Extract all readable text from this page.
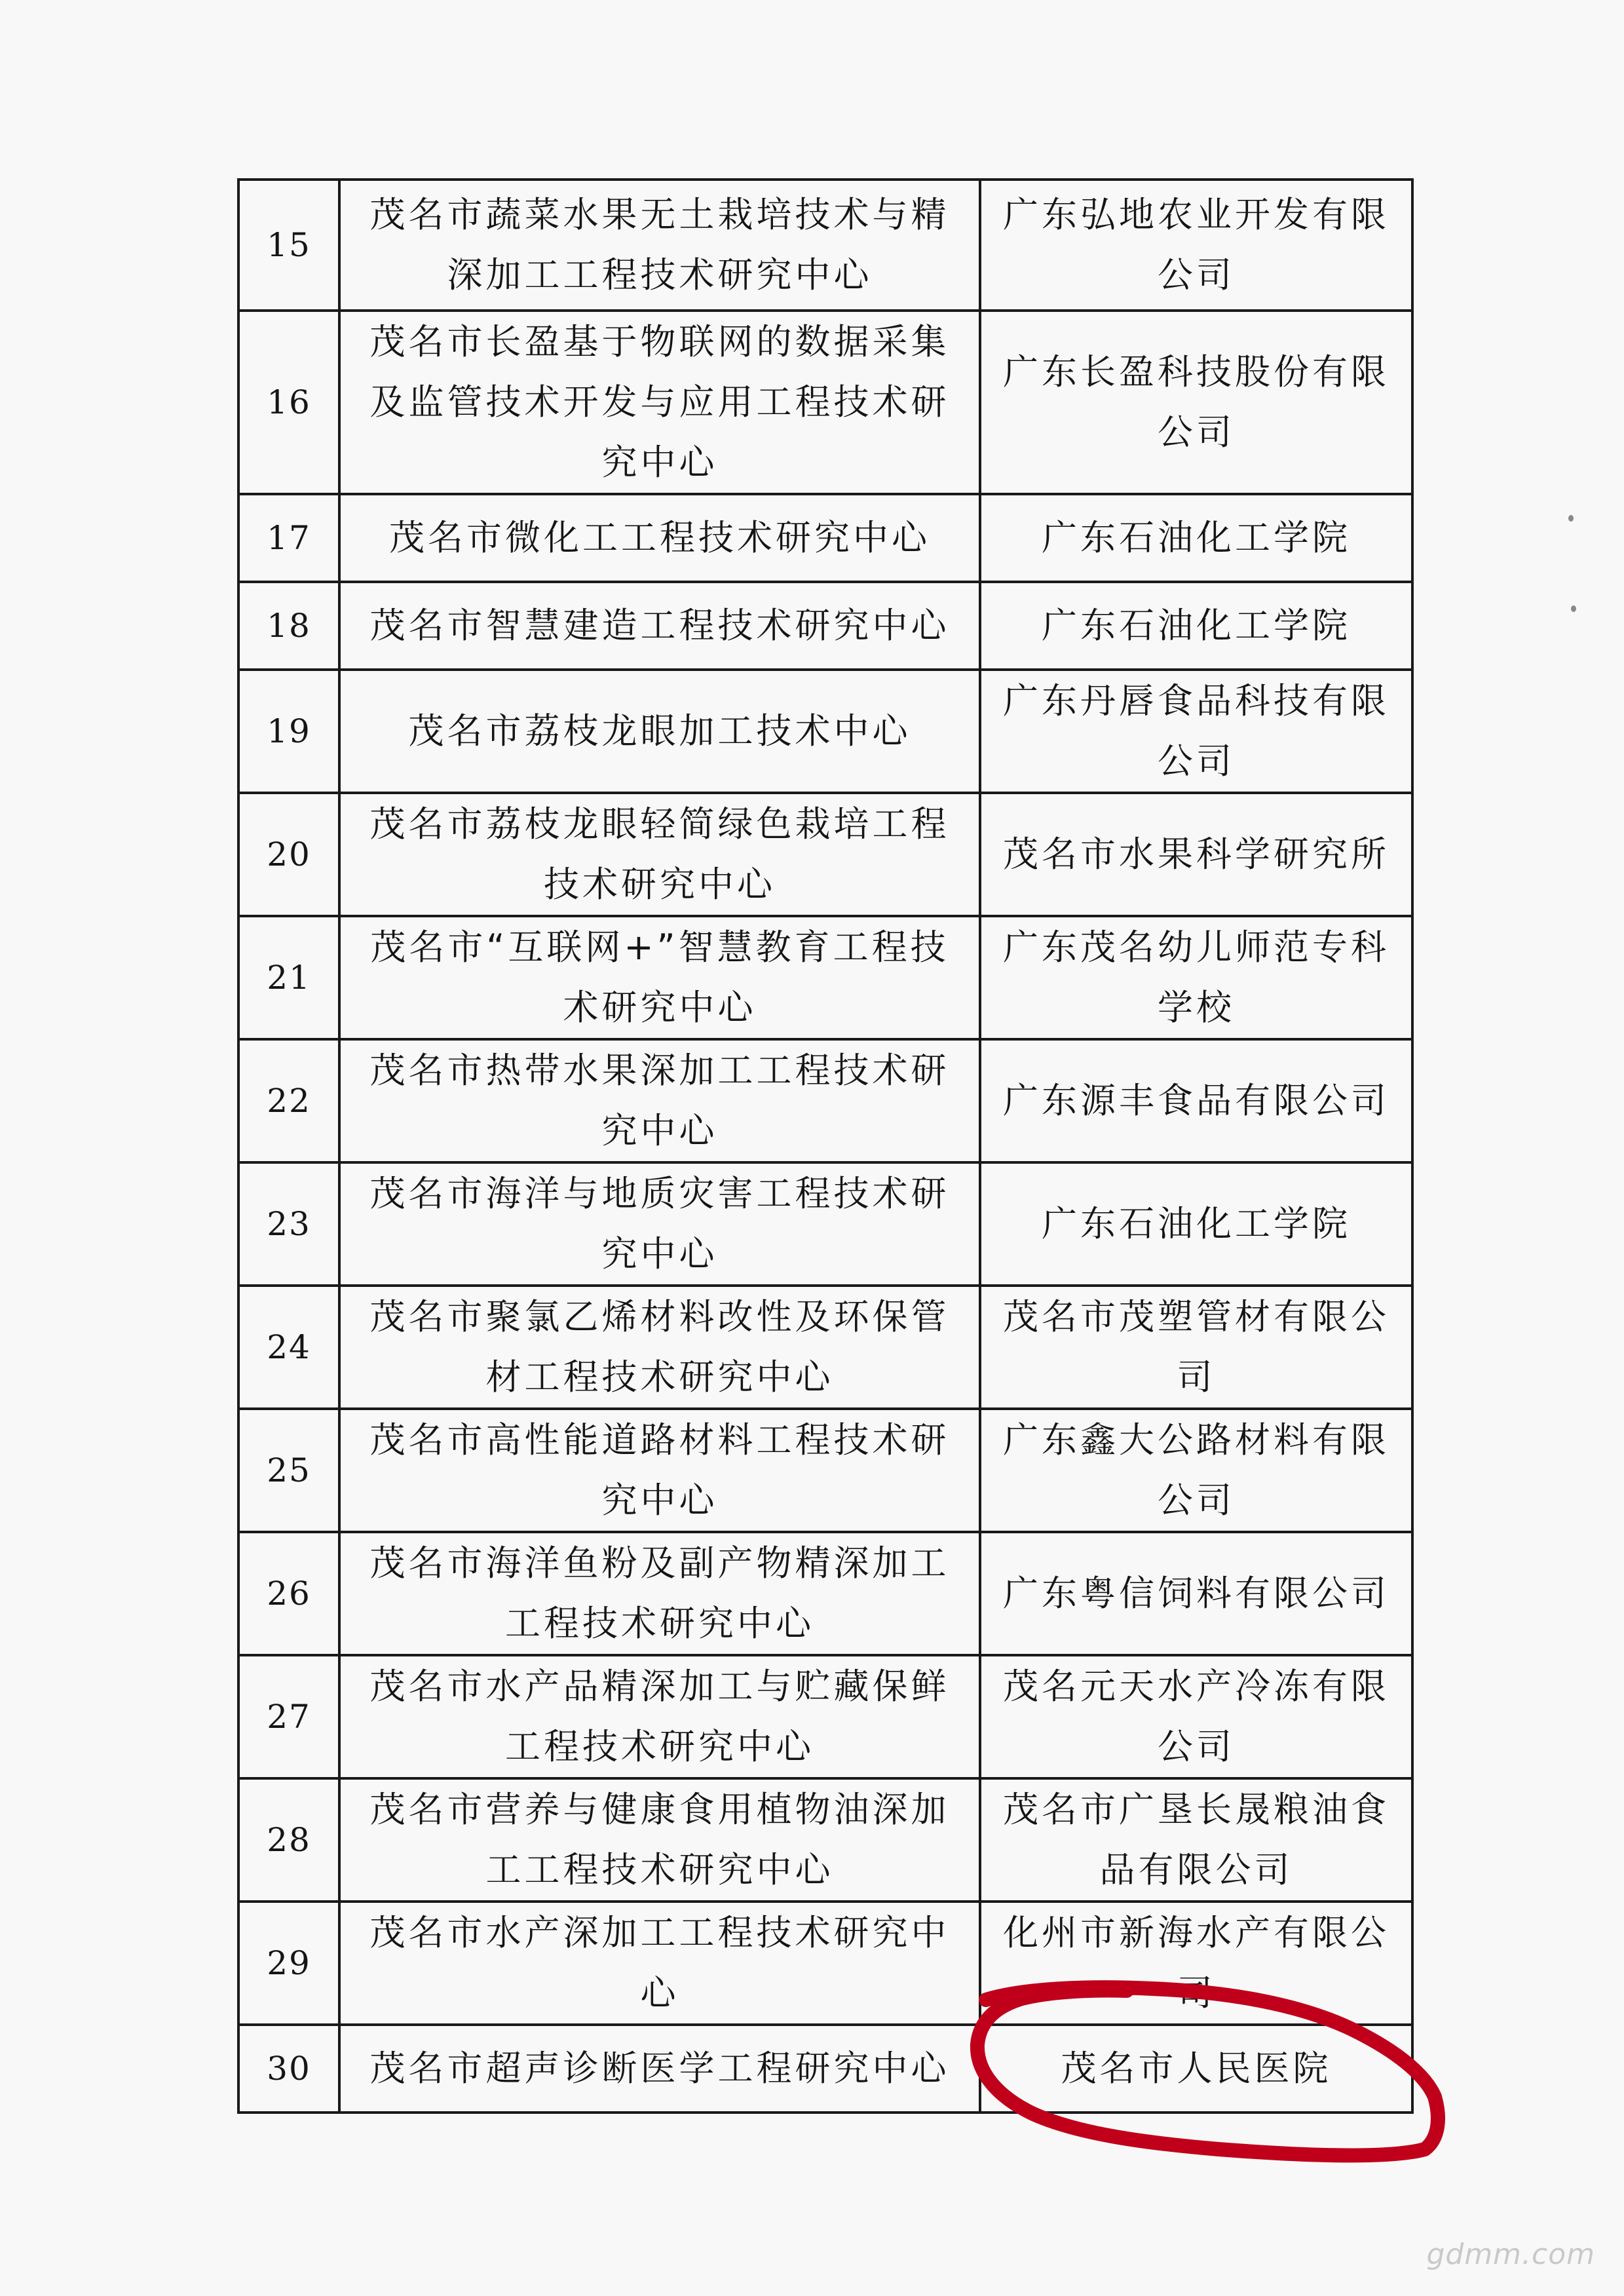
15	茂名市蔬菜水果无土栽培技术与精深加工工程技术研究中心	广东弘地农业开发有限公司
16	茂名市长盈基于物联网的数据采集及监管技术开发与应用工程技术研究中心	广东长盈科技股份有限公司
17	茂名市微化工工程技术研究中心	广东石油化工学院
18	茂名市智慧建造工程技术研究中心	广东石油化工学院
19	茂名市荔枝龙眼加工技术中心	广东丹唇食品科技有限公司
20	茂名市荔枝龙眼轻简绿色栽培工程技术研究中心	茂名市水果科学研究所
21	茂名市“互联网+”智慧教育工程技术研究中心	广东茂名幼儿师范专科学校
22	茂名市热带水果深加工工程技术研究中心	广东源丰食品有限公司
23	茂名市海洋与地质灾害工程技术研究中心	广东石油化工学院
24	茂名市聚氯乙烯材料改性及环保管材工程技术研究中心	茂名市茂塑管材有限公司
25	茂名市高性能道路材料工程技术研究中心	广东鑫大公路材料有限公司
26	茂名市海洋鱼粉及副产物精深加工工程技术研究中心	广东粤信饲料有限公司
27	茂名市水产品精深加工与贮藏保鲜工程技术研究中心	茂名元天水产冷冻有限公司
28	茂名市营养与健康食用植物油深加工工程技术研究中心	茂名市广垦长晟粮油食品有限公司
29	茂名市水产深加工工程技术研究中心	化州市新海水产有限公司
30	茂名市超声诊断医学工程研究中心	茂名市人民医院
gdmm.com
